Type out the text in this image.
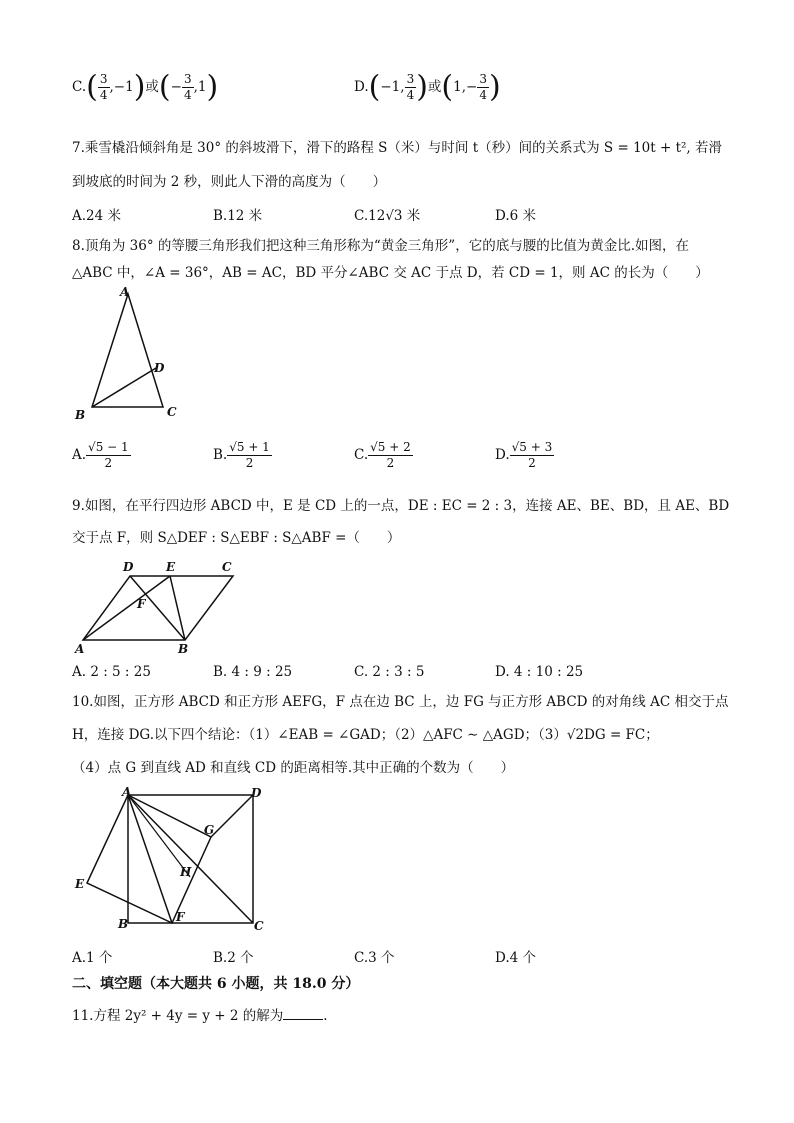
$C.( \frac{3}{4} ,-1)$或(− $\frac{3}{4} ,1$)	D.(−1, $\frac{3}{4}$ )或($1,- \frac{3}{4}$ )
7.乘雪橇沿倾斜角是 30° 的斜坡滑下，滑下的路程 S（米）与时间 t（秒）间的关系式为 S = 10t + t², 若滑
到坡底的时间为 2 秒，则此人下滑的高度为（　　）
A.24 米	B.12 米	C.12√3 米	D.6 米
8.顶角为 36° 的等腰三角形我们把这种三角形称为“黄金三角形”，它的底与腰的比值为黄金比.如图，在
△ABC 中，∠A = 36°，AB = AC，BD 平分∠ABC 交 AC 于点 D，若 CD = 1，则 AC 的长为（　　）
A
B	C
D
A. $\frac{√5 - 1}{2}$	B. $\frac{√5 + 1}{2}$	C. $\frac{√5 + 2}{2}$	D. $\frac{√5 + 3}{2}$
9.如图，在平行四边形 ABCD 中，E 是 CD 上的一点，DE : EC = 2 : 3，连接 AE、BE、BD，且 AE、BD
交于点 F，则 S△DEF : S△EBF : S△ABF =（　　）
D	E	C
F
A	B
A. 2 : 5 : 25	B. 4 : 9 : 25	C. 2 : 3 : 5	D. 4 : 10 : 25
10.如图，正方形 ABCD 和正方形 AEFG，F 点在边 BC 上，边 FG 与正方形 ABCD 的对角线 AC 相交于点
H，连接 DG.以下四个结论：（1）∠EAB = ∠GAD；（2）△AFC ∼ △AGD；（3）√2DG = FC；
（4）点 G 到直线 AD 和直线 CD 的距离相等.其中正确的个数为（　　）
A	D
G
H
E
B	F
C
A.1 个	B.2 个	C.3 个	D.4 个
二、填空题（本大题共 6 小题，共 18.0 分）
11.方程 2y² + 4y = y + 2 的解为	.
